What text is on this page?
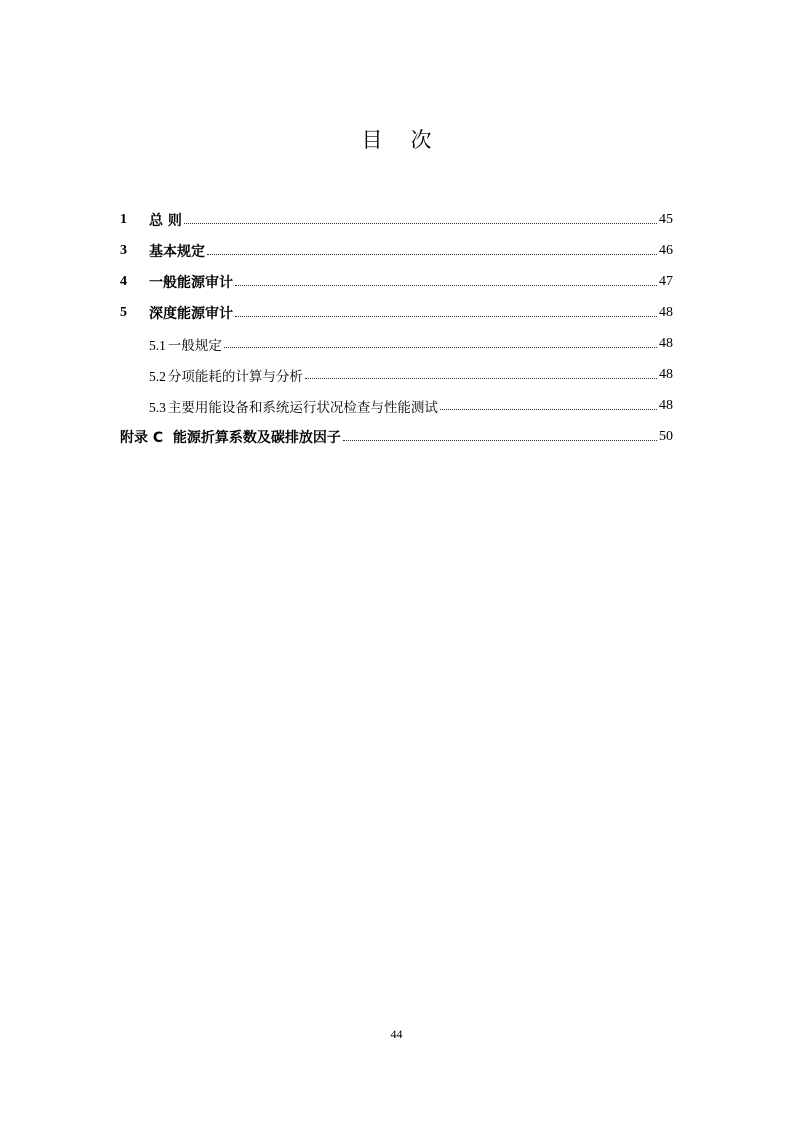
目 次
1	总 则	45
3	基本规定	46
4	一般能源审计	47
5	深度能源审计	48
5.1 一般规定	48
5.2 分项能耗的计算与分析	48
5.3 主要用能设备和系统运行状况检查与性能测试	48
附录 C  能源折算系数及碳排放因子	50
44
